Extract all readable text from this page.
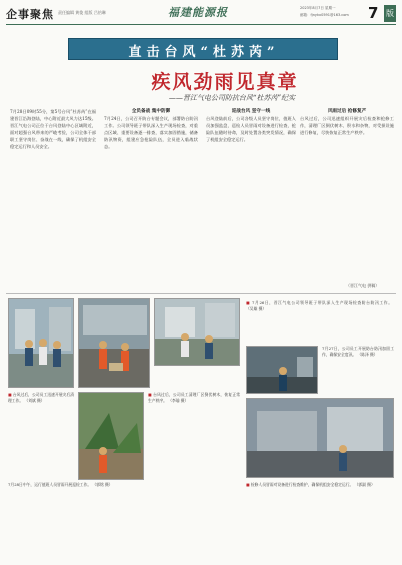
企事聚焦 责任编辑 黄俊 组版 吕怡琳	福建能源报	2023年8月7日 星期一
邮箱：fjnykx0591@163.com 7 版
直击台风“杜苏芮”
疾风劲雨见真章
——晋江气电公司防抗台风“杜苏芮”纪实

7月28日09时55分，第5号台风“杜苏芮”在福建晋江沿海登陆，中心附近最大风力达15级。晋江气电公司正位于台风登陆中心区域附近，面对超强台风带来的严峻考验，公司全体干部职工坚守岗位、奋战在一线，确保了机组安全稳定运行和人员安全。

全员备战 集中防御

7月24日，公司召开防台专题会议，部署防台防汛工作。公司领导班子带队深入生产现场检查，对重点区域、重要设备逐一排查，落实加固措施，储备防汛物资，组建应急抢险队伍，全员进入临战状态。

迎战台风 坚守一线

台风登陆前后，公司各级人员坚守岗位，值班人员加强监盘，巡检人员冒雨对设备进行检查，抢险队伍随时待命，及时处置各类突发情况，确保了机组安全稳定运行。

风雨过后 抢修复产

台风过后，公司迅速组织开展灾后检查和抢修工作，清理厂区倒伏树木、积水和杂物，对受损设施进行修复，尽快恢复正常生产秩序。

（晋江气电 供稿）
■ 7月26日，晋江气电公司领导班子带队深入生产现场检查防台防汛工作。 （吴雄 摄）
7月27日，公司员工开展防台防汛加固工作，确保安全度汛。 （陈泽 摄）
■ 台风过后，公司员工迅速开展灾后清理工作。 （刘斌 摄）
■ 台风过后，公司员工清理厂区倒伏树木，恢复正常生产秩序。 （李瑜 摄）
7月28日中午，运行值班人员冒雨开展巡检工作。 （郭铭 摄）	■ 检修人员冒雨对设备进行检查维护，确保机组安全稳定运行。 （郭淑 摄）
